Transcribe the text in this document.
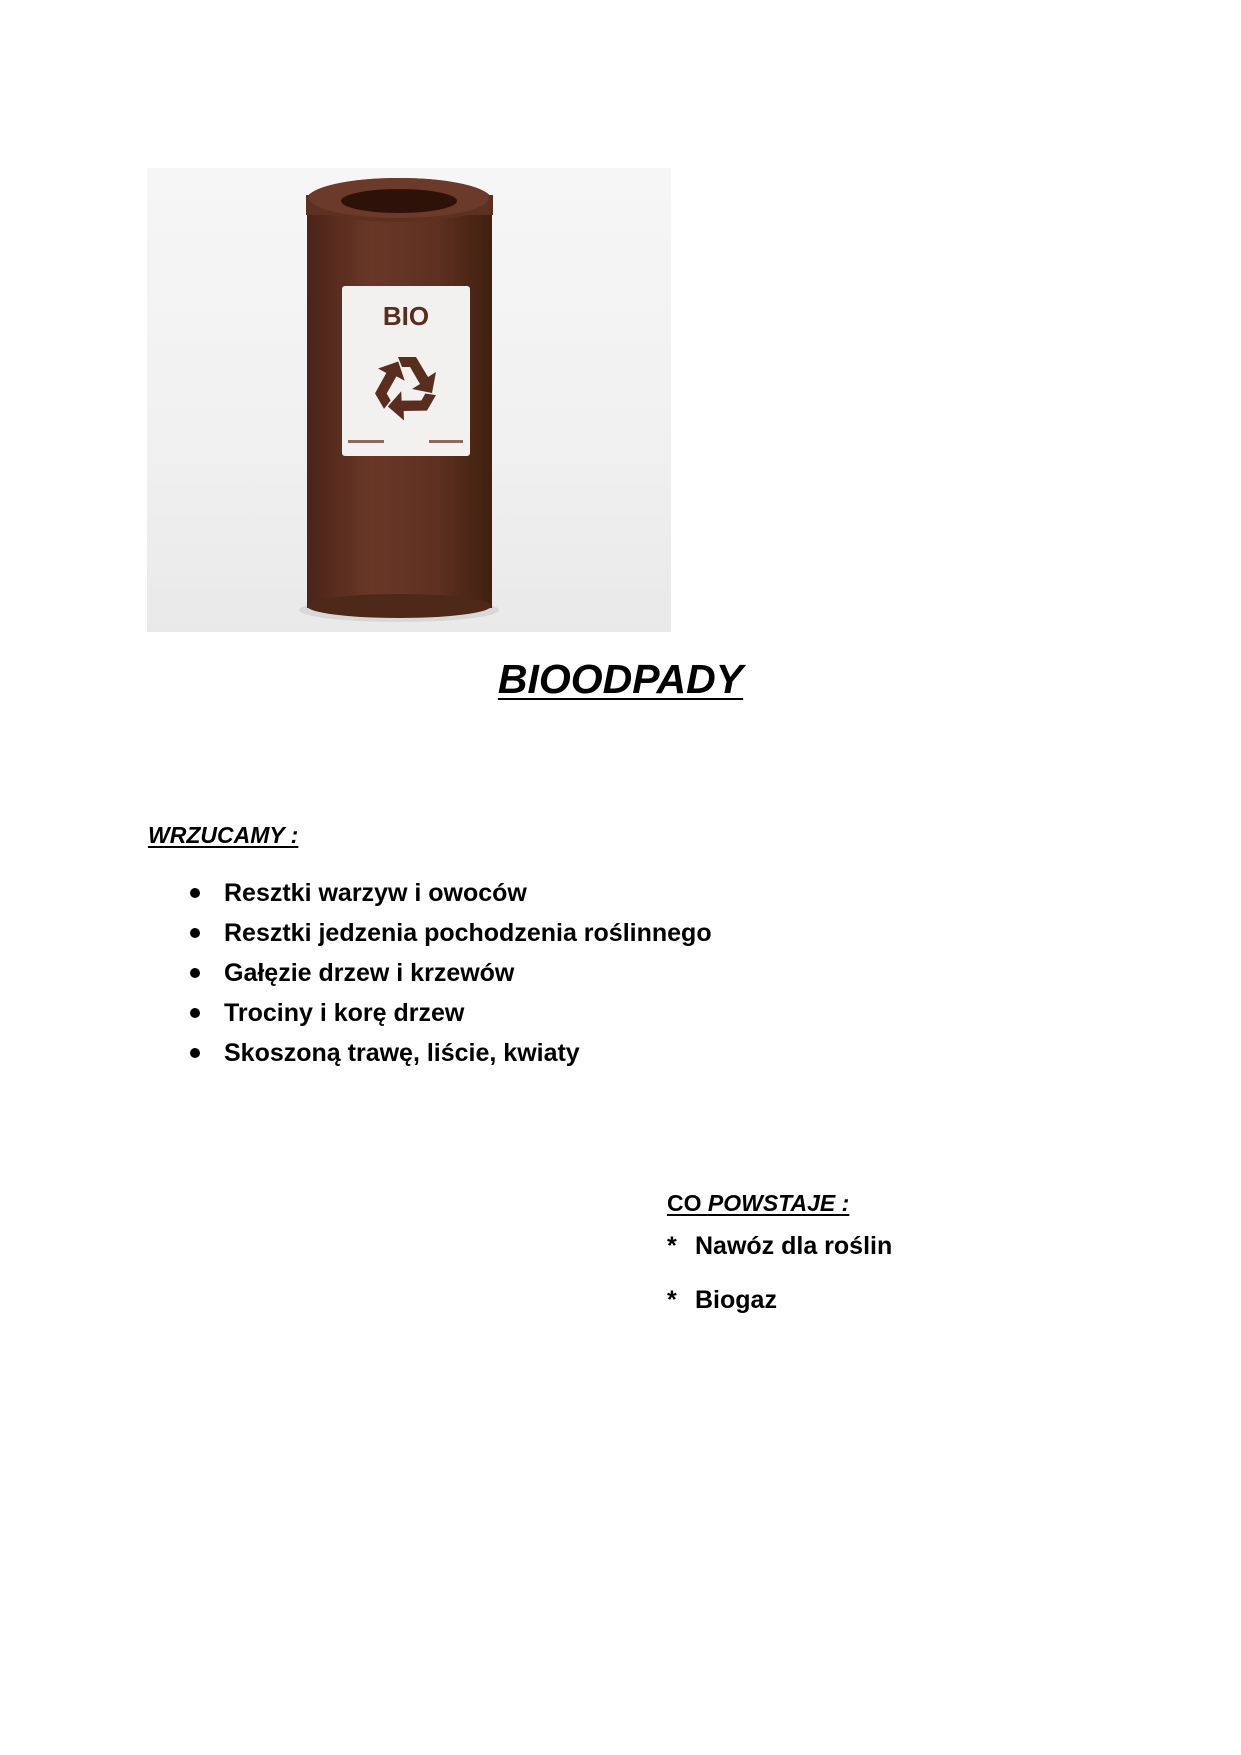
BIO
BIOODPADY
WRZUCAMY :
Resztki warzyw i owoców
Resztki jedzenia pochodzenia roślinnego
Gałęzie drzew i krzewów
Trociny i korę drzew
Skoszoną trawę, liście, kwiaty
CO POWSTAJE :
* Nawóz dla roślin
* Biogaz
